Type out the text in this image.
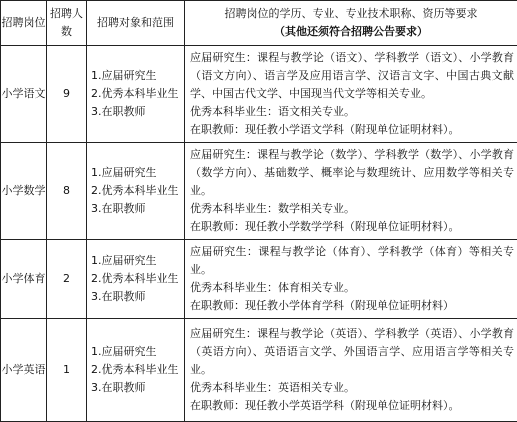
招聘岗位	招聘人数	招聘对象和范围	招聘岗位的学历、专业、专业技术职称、资历等要求
（其他还须符合招聘公告要求）

小学语文	9	1.应届研究生
2.优秀本科毕业生
3.在职教师	应届研究生：课程与教学论（语文）、学科教学（语文）、小学教育（语文方向）、语言学及应用语言学、汉语言文字、中国古典文献学、中国古代文学、中国现当代文学等相关专业。
优秀本科毕业生：语文相关专业。
在职教师：现任教小学语文学科（附现单位证明材料）。

小学数学	8	1.应届研究生
2.优秀本科毕业生
3.在职教师	应届研究生：课程与教学论（数学）、学科教学（数学）、小学教育（数学方向）、基础数学、概率论与数理统计、应用数学等相关专业。
优秀本科毕业生：数学相关专业。
在职教师：现任教小学数学学科（附现单位证明材料）。

小学体育	2	1.应届研究生
2.优秀本科毕业生
3.在职教师	应届研究生：课程与教学论（体育）、学科教学（体育）等相关专业。
优秀本科毕业生：体育相关专业。
在职教师：现任教小学体育学科（附现单位证明材料）

小学英语	1	1.应届研究生
2.优秀本科毕业生
3.在职教师	应届研究生：课程与教学论（英语）、学科教学（英语）、小学教育（英语方向）、英语语言文学、外国语言学、应用语言学等相关专业。
优秀本科毕业生：英语相关专业。
在职教师：现任教小学英语学科（附现单位证明材料）。
